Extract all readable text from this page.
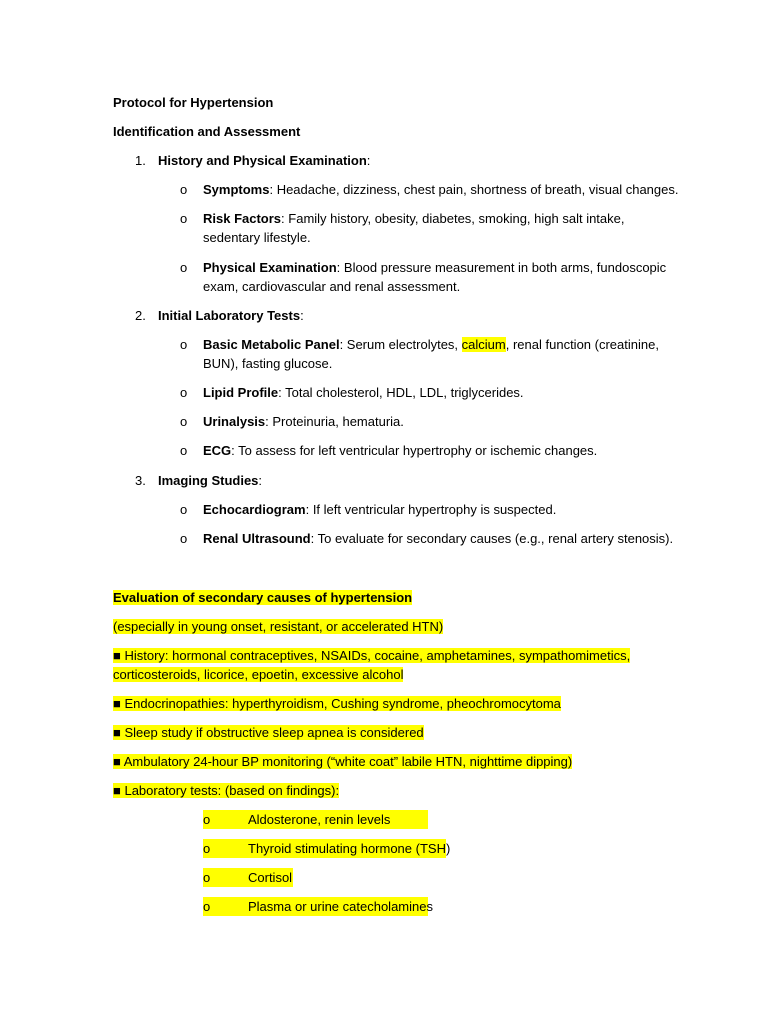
Protocol for Hypertension
Identification and Assessment
1. History and Physical Examination:
o Symptoms: Headache, dizziness, chest pain, shortness of breath, visual changes.
o Risk Factors: Family history, obesity, diabetes, smoking, high salt intake,
sedentary lifestyle.
o Physical Examination: Blood pressure measurement in both arms, fundoscopic
exam, cardiovascular and renal assessment.
2. Initial Laboratory Tests:
o Basic Metabolic Panel: Serum electrolytes, calcium, renal function (creatinine,
BUN), fasting glucose.
o Lipid Profile: Total cholesterol, HDL, LDL, triglycerides.
o Urinalysis: Proteinuria, hematuria.
o ECG: To assess for left ventricular hypertrophy or ischemic changes.
3. Imaging Studies:
o Echocardiogram: If left ventricular hypertrophy is suspected.
o Renal Ultrasound: To evaluate for secondary causes (e.g., renal artery stenosis).
Evaluation of secondary causes of hypertension
(especially in young onset, resistant, or accelerated HTN)
■ History: hormonal contraceptives, NSAIDs, cocaine, amphetamines, sympathomimetics,
corticosteroids, licorice, epoetin, excessive alcohol
■ Endocrinopathies: hyperthyroidism, Cushing syndrome, pheochromocytoma
■ Sleep study if obstructive sleep apnea is considered
■ Ambulatory 24-hour BP monitoring (“white coat” labile HTN, nighttime dipping)
■ Laboratory tests: (based on findings):
o	Aldosterone, renin levels
o	Thyroid stimulating hormone (TSH)
o	Cortisol
o	Plasma or urine catecholamines
